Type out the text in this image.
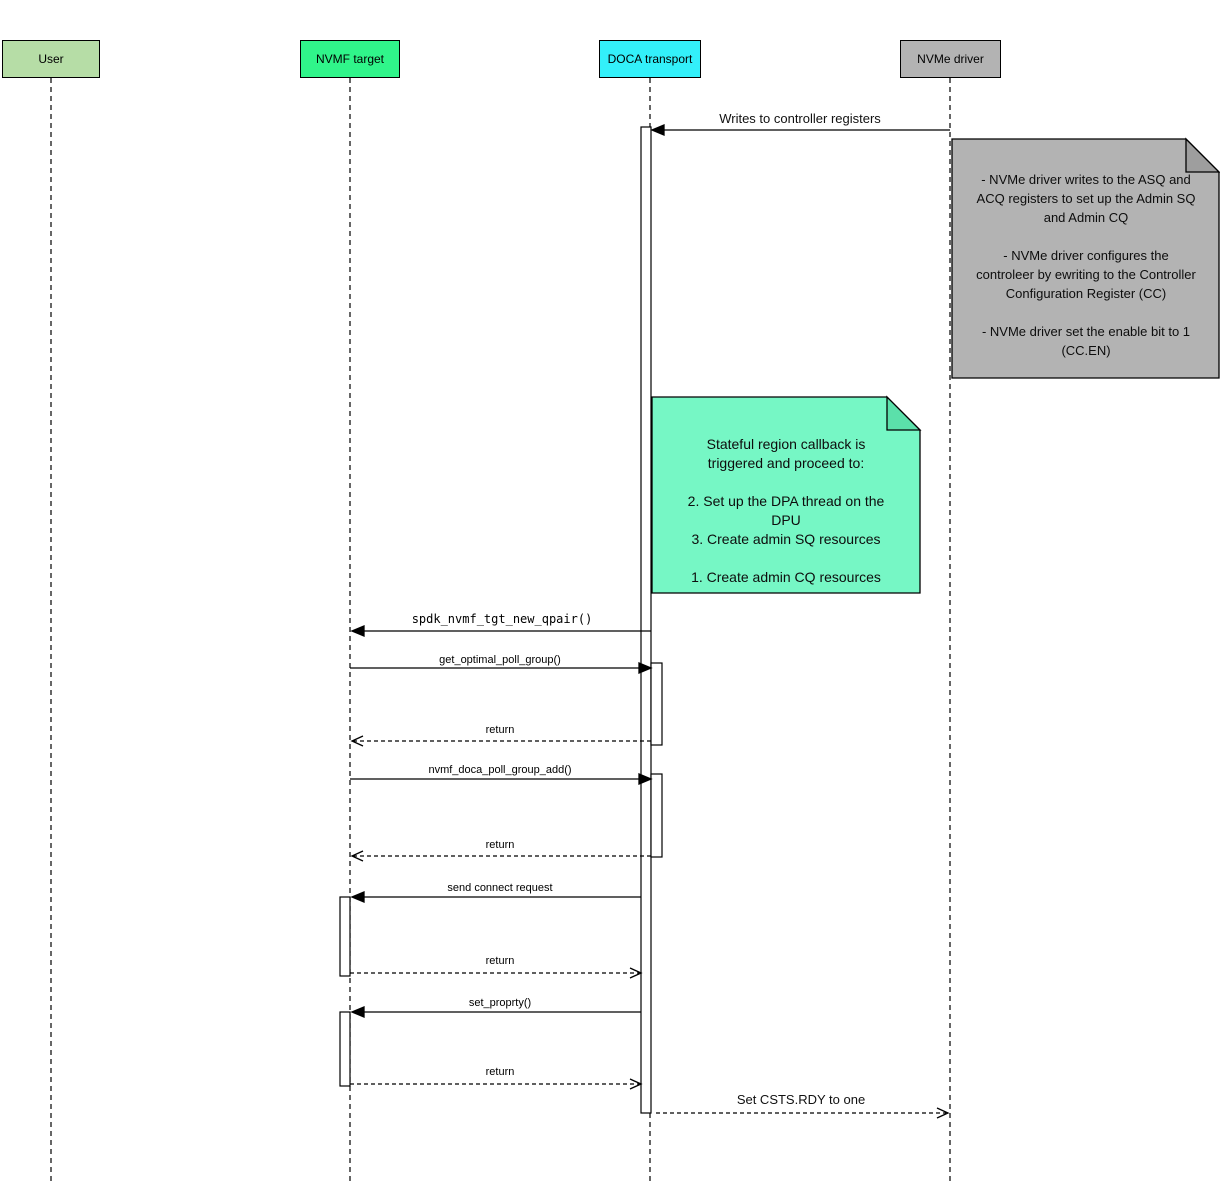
User	NVMF target	DOCA transport	NVMe driver
Writes to controller registers
spdk_nvmf_tgt_new_qpair()
get_optimal_poll_group()
return
nvmf_doca_poll_group_add()
return
send connect request
return
set_proprty()
return
Set CSTS.RDY to one
- NVMe driver writes to the ASQ and
ACQ registers to set up the Admin SQ
and Admin CQ
- NVMe driver configures the
controleer by ewriting to the Controller
Configuration Register (CC)
- NVMe driver set the enable bit to 1
(CC.EN)
Stateful region callback is
triggered and proceed to:
2. Set up the DPA thread on the
DPU
3. Create admin SQ resources
1. Create admin CQ resources
